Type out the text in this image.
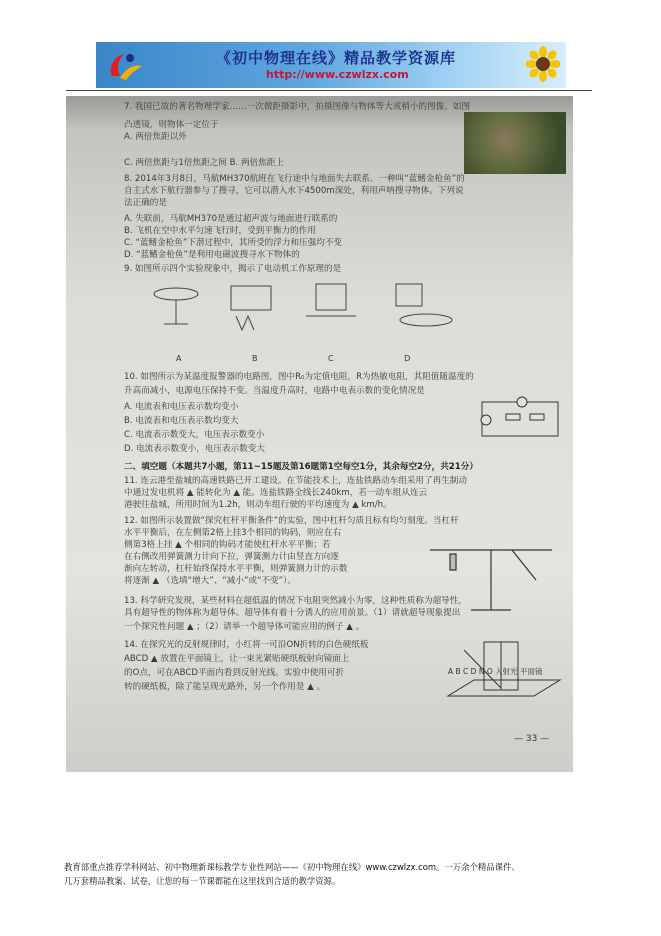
《初中物理在线》精品教学资源库
http://www.czwlzx.com
7. 我国已故的著名物理学家……一次微距摄影中，拍摄图像与物体等大或稍小的图像。如图
凸透镜，则物体一定位于
A. 两倍焦距以外
C. 两倍焦距与1倍焦距之间 B. 两倍焦距上
8. 2014年3月8日，马航MH370航班在飞行途中与地面失去联系。一种叫“蓝鳍金枪鱼”的
自主式水下航行器参与了搜寻，它可以潜入水下4500m深处，利用声呐搜寻物体。下列说
法正确的是
A. 失联前，马航MH370是通过超声波与地面进行联系的
B. 飞机在空中水平匀速飞行时，受到平衡力的作用
C. “蓝鳍金枪鱼”下潜过程中，其所受的浮力和压强均不变
D. “蓝鳍金枪鱼”是利用电磁波搜寻水下物体的
9. 如图所示四个实验现象中，揭示了电动机工作原理的是
10. 如图所示为某温度报警器的电路图，图中R₀为定值电阻，R为热敏电阻，其阻值随温度的
升高而减小，电源电压保持不变。当温度升高时，电路中电表示数的变化情况是
A. 电流表和电压表示数均变小
B. 电流表和电压表示数均变大
C. 电流表示数变大，电压表示数变小
D. 电流表示数变小，电压表示数变大
二、填空题（本题共7小题，第11~15题及第16题第1空每空1分，其余每空2分，共21分）
11. 连云港至盐城的高速铁路已开工建设。在节能技术上，连盐铁路动车组采用了再生制动
中通过发电机将 ▲ 能转化为 ▲ 能。连盐铁路全线长240km，若一动车组从连云
港驶往盐城，所用时间为1.2h，则动车组行驶的平均速度为 ▲ km/h。
12. 如图所示装置做“探究杠杆平衡条件”的实验，图中杠杆匀质且标有均匀刻度。当杠杆
水平平衡后，在左侧第2格上挂3个相同的钩码，则应在右
侧第3格上挂 ▲ 个相同的钩码才能使杠杆水平平衡；若
在右侧改用弹簧测力计向下拉，弹簧测力计由竖直方向逐
渐向左转动，杠杆始终保持水平平衡，则弹簧测力计的示数
将逐渐 ▲ （选填“增大”、“减小”或“不变”）。
13. 科学研究发现，某些材料在超低温的情况下电阻突然减小为零，这种性质称为超导性，
具有超导性的物体称为超导体。超导体有着十分诱人的应用前景。（1）请就超导现象提出
一个探究性问题 ▲ ；（2）请举一个超导体可能应用的例子 ▲ 。
14. 在探究光的反射规律时，小红将一可沿ON折转的白色硬纸板
ABCD ▲ 放置在平面镜上，让一束光紧贴硬纸板射向镜面上
的O点，可在ABCD平面内看到反射光线。实验中使用可折
转的硬纸板，除了能呈现光路外，另一个作用是 ▲ 。
A B C D
A B C D N O 入射光 平面镜
— 33 —
教育部重点推荐学科网站、初中物理新课标教学专业性网站——《初中物理在线》www.czwlzx.com。一万余个精品课件、
几万套精品教案、试卷，让您的每一节课都能在这里找到合适的教学资源。
